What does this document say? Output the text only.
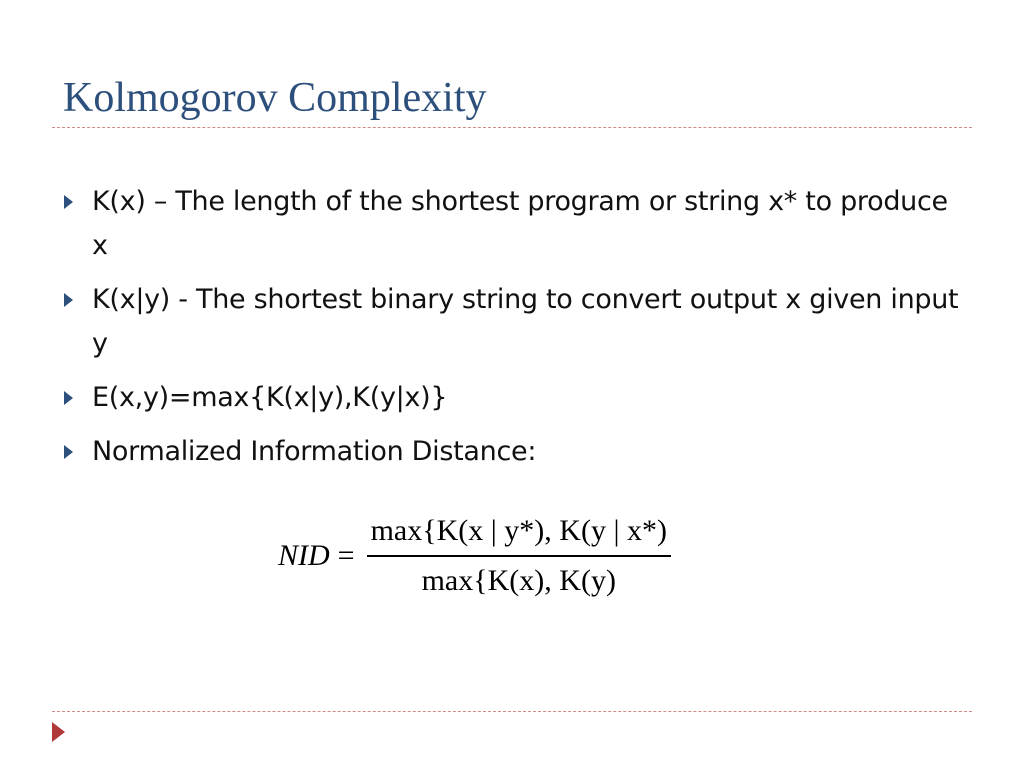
Kolmogorov Complexity
K(x) – The length of the shortest program or string x* to produce x
K(x|y) - The shortest binary string to convert output x given input y
E(x,y)=max{K(x|y),K(y|x)}
Normalized Information Distance:
NID = $\frac{\max\{K(x | y*), K(y | x*)}{\max\{K(x), K(y)}$
